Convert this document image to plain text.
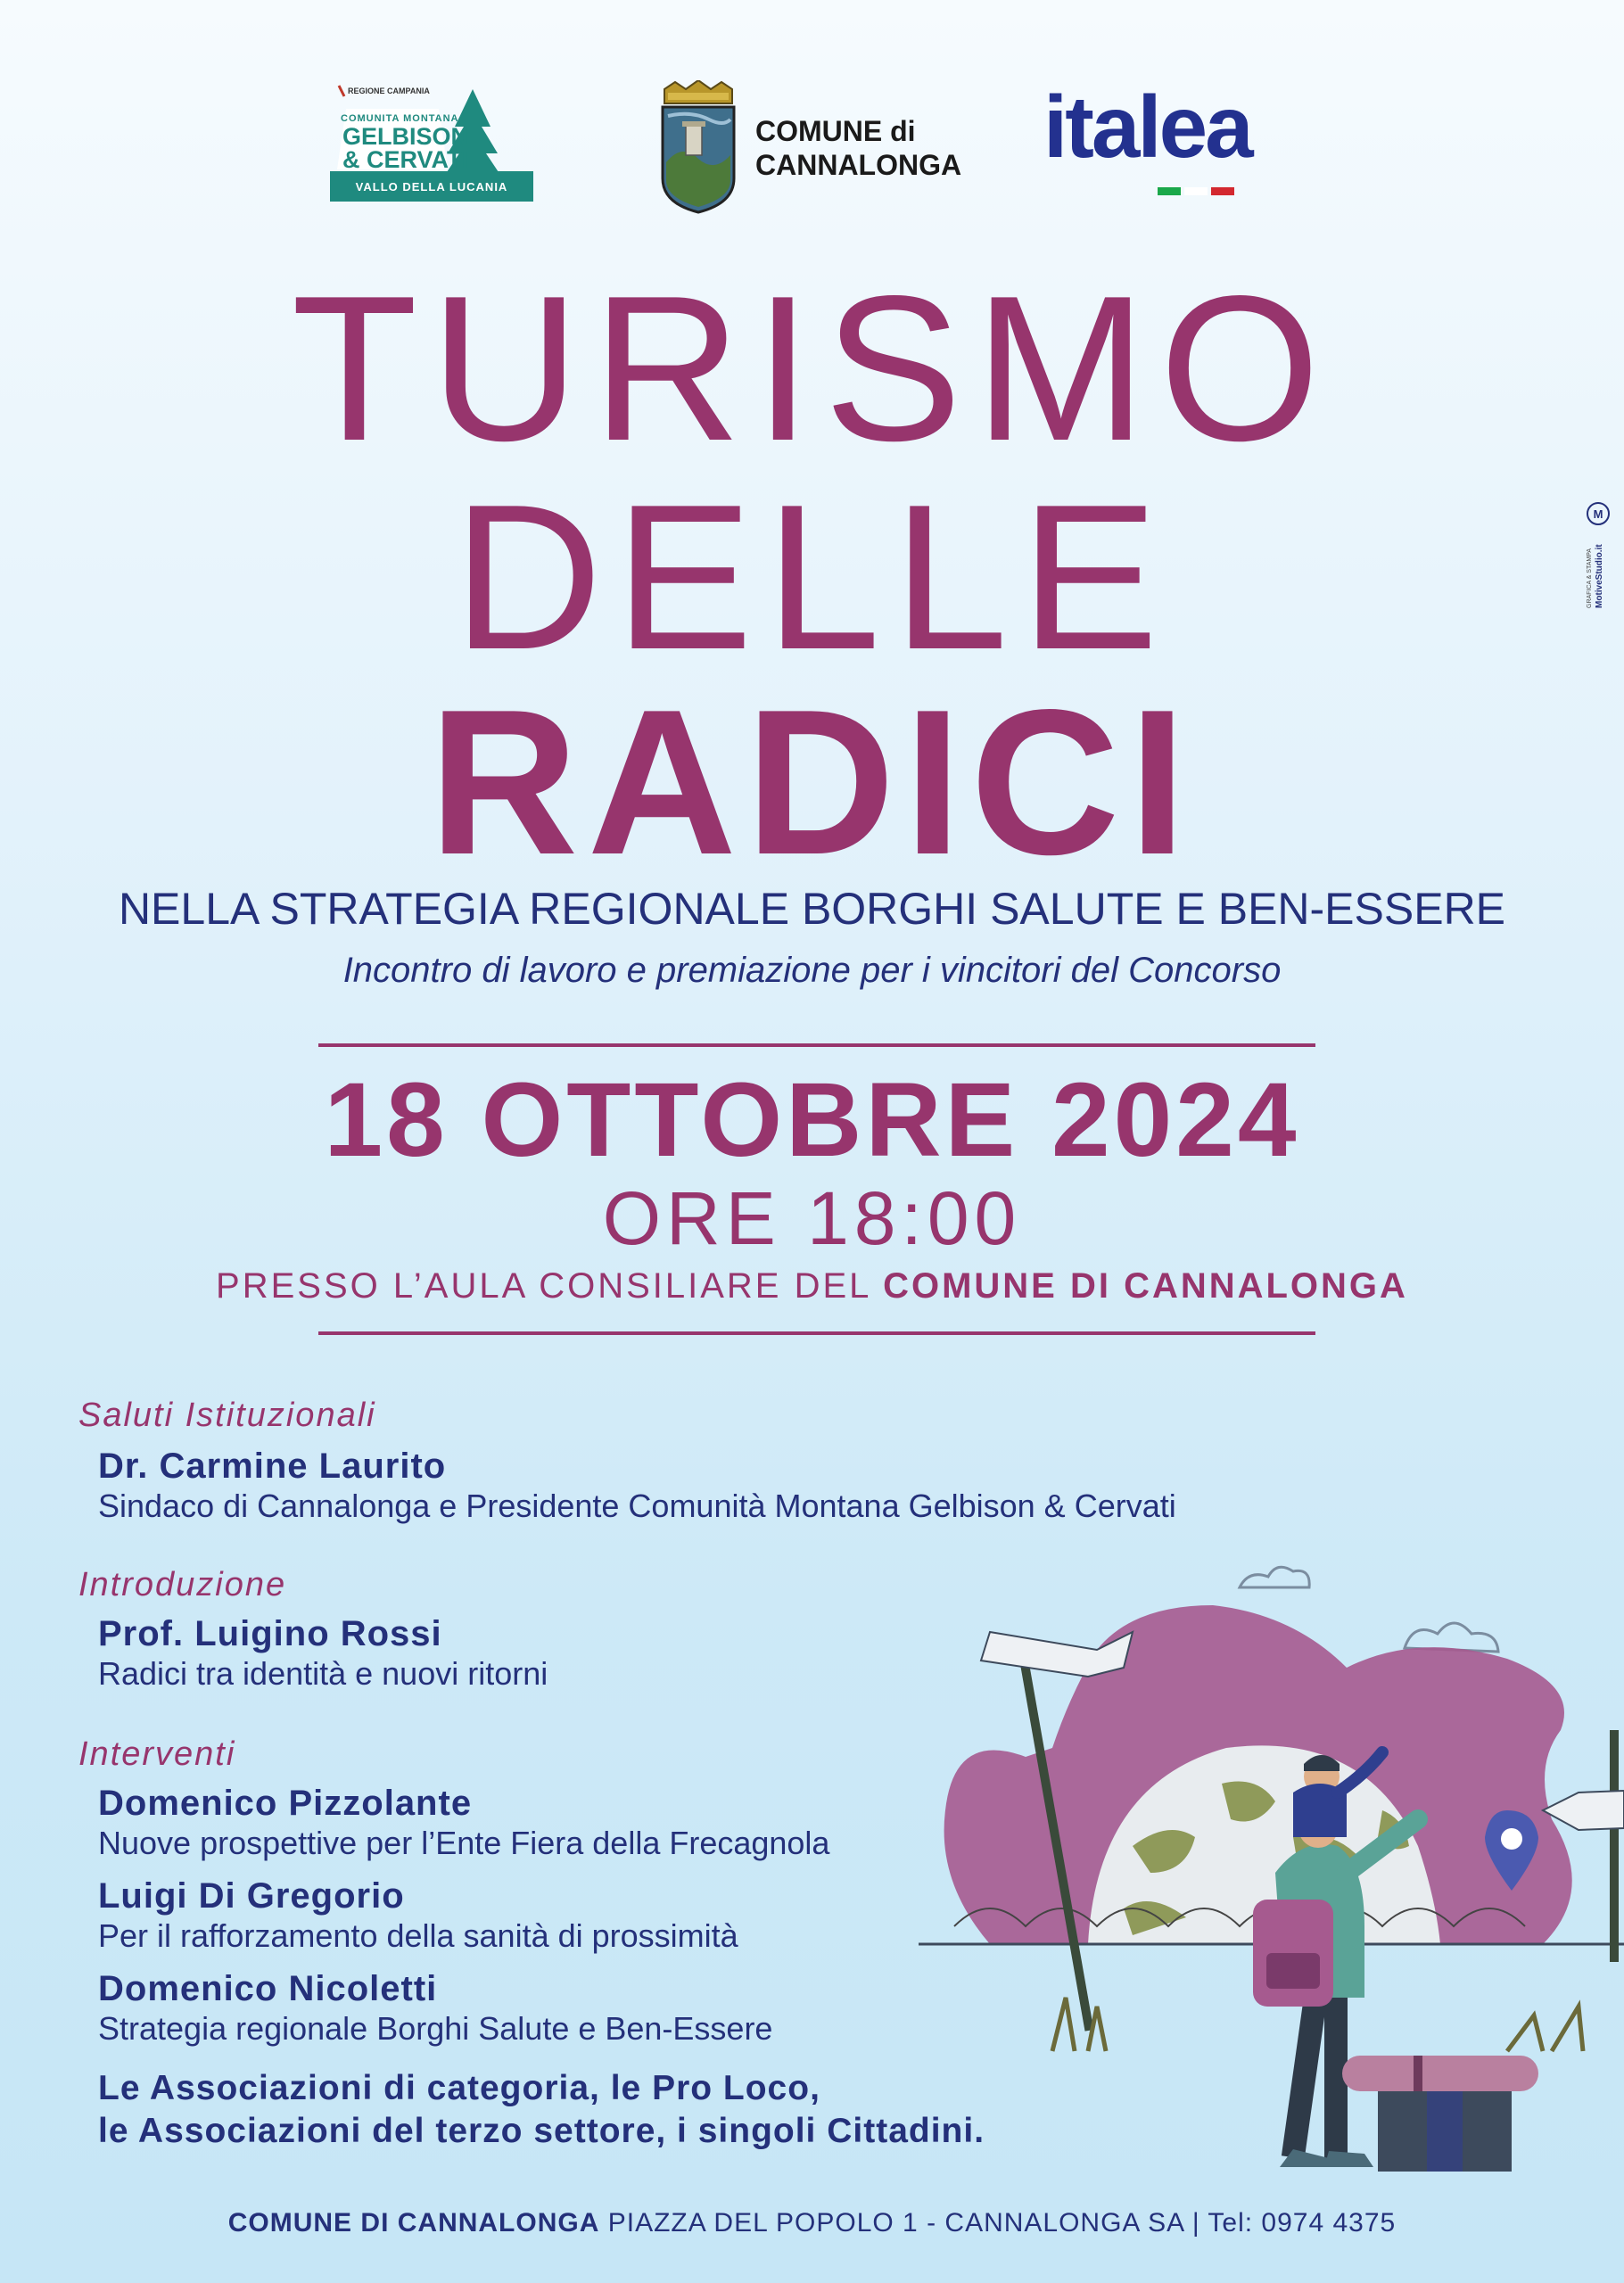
REGIONE CAMPANIA
COMUNITA MONTANA
GELBISON
& CERVATI
VALLO DELLA LUCANIA
COMUNE di
CANNALONGA italea
M
GRAFICA & STAMPA MotiveStudio.it
TURISMO
DELLE
RADICI
NELLA STRATEGIA REGIONALE BORGHI SALUTE E BEN-ESSERE
Incontro di lavoro e premiazione per i vincitori del Concorso
18 OTTOBRE 2024
ORE 18:00
PRESSO L’AULA CONSILIARE DEL COMUNE DI CANNALONGA
Saluti Istituzionali
Dr. Carmine Laurito
Sindaco di Cannalonga e Presidente Comunità Montana Gelbison & Cervati
Introduzione
Prof. Luigino Rossi
Radici tra identità e nuovi ritorni
Interventi
Domenico Pizzolante
Nuove prospettive per l’Ente Fiera della Frecagnola
Luigi Di Gregorio
Per il rafforzamento della sanità di prossimità
Domenico Nicoletti
Strategia regionale Borghi Salute e Ben-Essere
Le Associazioni di categoria, le Pro Loco,
le Associazioni del terzo settore, i singoli Cittadini.
COMUNE DI CANNALONGA PIAZZA DEL POPOLO 1 - CANNALONGA SA | Tel: 0974 4375
